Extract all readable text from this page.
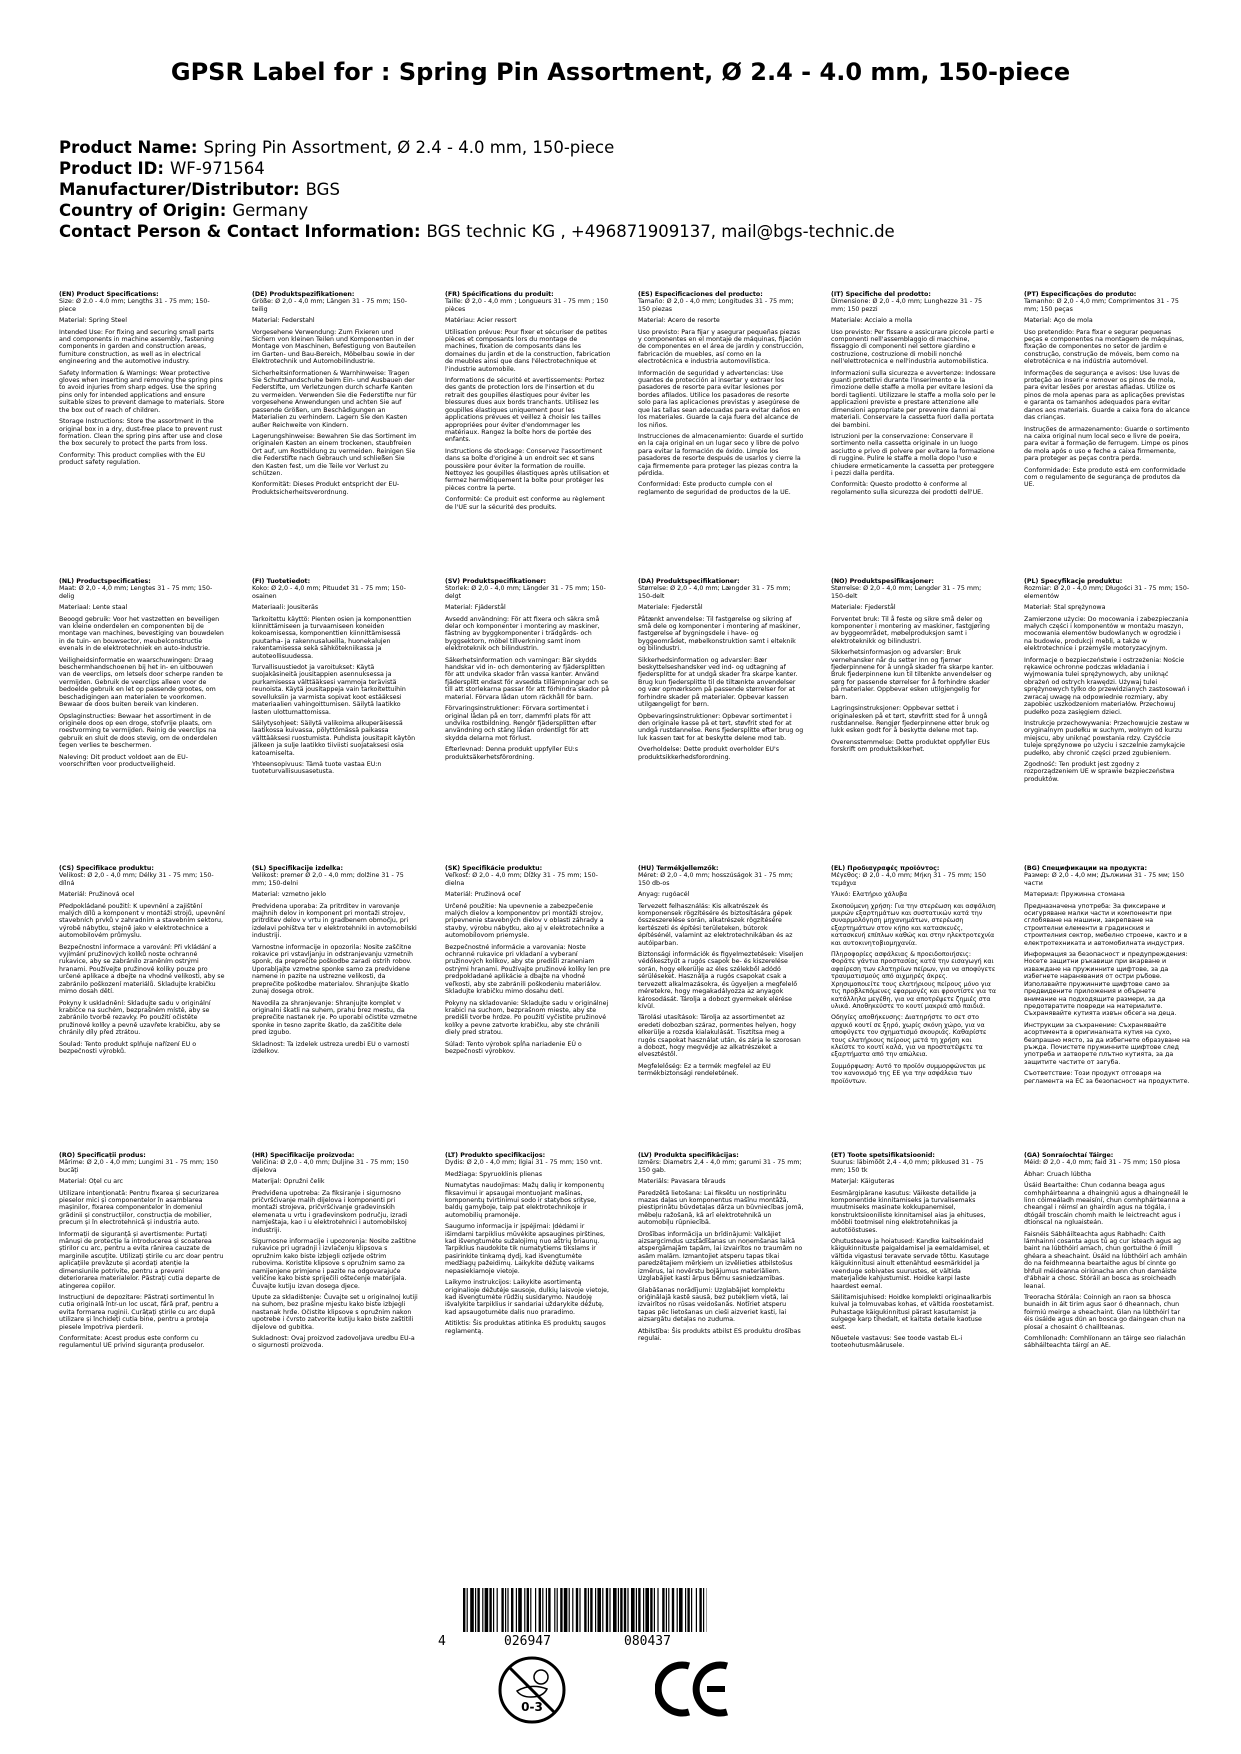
GPSR Label for : Spring Pin Assortment, Ø 2.4 - 4.0 mm, 150-piece
Product Name: Spring Pin Assortment, Ø 2.4 - 4.0 mm, 150-piece
Product ID: WF-971564
Manufacturer/Distributor: BGS
Country of Origin: Germany
Contact Person & Contact Information: BGS technic KG , +496871909137, mail@bgs-technic.de

(EN) Product Specifications:
Size: Ø 2.0 - 4.0 mm; Lengths 31 - 75 mm; 150-piece

Material: Spring Steel

Intended Use: For fixing and securing small parts and components in machine assembly, fastening components in garden and construction areas, furniture construction, as well as in electrical engineering and the automotive industry.

Safety Information & Warnings: Wear protective gloves when inserting and removing the spring pins to avoid injuries from sharp edges. Use the spring pins only for intended applications and ensure suitable sizes to prevent damage to materials. Store the box out of reach of children.

Storage Instructions: Store the assortment in the original box in a dry, dust-free place to prevent rust formation. Clean the spring pins after use and close the box securely to protect the parts from loss.

Conformity: This product complies with the EU product safety regulation.

(DE) Produktspezifikationen:
Größe: Ø 2,0 - 4,0 mm; Längen 31 - 75 mm; 150-teilig

Material: Federstahl

Vorgesehene Verwendung: Zum Fixieren und Sichern von kleinen Teilen und Komponenten in der Montage von Maschinen, Befestigung von Bauteilen im Garten- und Bau-Bereich, Möbelbau sowie in der Elektrotechnik und Automobilindustrie.

Sicherheitsinformationen & Warnhinweise: Tragen Sie Schutzhandschuhe beim Ein- und Ausbauen der Federstifte, um Verletzungen durch scharfe Kanten zu vermeiden. Verwenden Sie die Federstifte nur für vorgesehene Anwendungen und achten Sie auf passende Größen, um Beschädigungen an Materialien zu verhindern. Lagern Sie den Kasten außer Reichweite von Kindern.

Lagerungshinweise: Bewahren Sie das Sortiment im originalen Kasten an einem trockenen, staubfreien Ort auf, um Rostbildung zu vermeiden. Reinigen Sie die Federstifte nach Gebrauch und schließen Sie den Kasten fest, um die Teile vor Verlust zu schützen.

Konformität: Dieses Produkt entspricht der EU-Produktsicherheitsverordnung.

(FR) Spécifications du produit:
Taille: Ø 2,0 - 4,0 mm ; Longueurs 31 - 75 mm ; 150 pièces

Matériau: Acier ressort

Utilisation prévue: Pour fixer et sécuriser de petites pièces et composants lors du montage de machines, fixation de composants dans les domaines du jardin et de la construction, fabrication de meubles ainsi que dans l'électrotechnique et l'industrie automobile.

Informations de sécurité et avertissements: Portez des gants de protection lors de l'insertion et du retrait des goupilles élastiques pour éviter les blessures dues aux bords tranchants. Utilisez les goupilles élastiques uniquement pour les applications prévues et veillez à choisir les tailles appropriées pour éviter d'endommager les matériaux. Rangez la boîte hors de portée des enfants.

Instructions de stockage: Conservez l'assortiment dans sa boîte d'origine à un endroit sec et sans poussière pour éviter la formation de rouille. Nettoyez les goupilles élastiques après utilisation et fermez hermétiquement la boîte pour protéger les pièces contre la perte.

Conformité: Ce produit est conforme au règlement de l'UE sur la sécurité des produits.

(ES) Especificaciones del producto:
Tamaño: Ø 2,0 - 4,0 mm; Longitudes 31 - 75 mm; 150 piezas

Material: Acero de resorte

Uso previsto: Para fijar y asegurar pequeñas piezas y componentes en el montaje de máquinas, fijación de componentes en el área de jardín y construcción, fabricación de muebles, así como en la electrotécnica e industria automovilística.

Información de seguridad y advertencias: Use guantes de protección al insertar y extraer los pasadores de resorte para evitar lesiones por bordes afilados. Utilice los pasadores de resorte solo para las aplicaciones previstas y asegúrese de que las tallas sean adecuadas para evitar daños en los materiales. Guarde la caja fuera del alcance de los niños.

Instrucciones de almacenamiento: Guarde el surtido en la caja original en un lugar seco y libre de polvo para evitar la formación de óxido. Limpie los pasadores de resorte después de usarlos y cierre la caja firmemente para proteger las piezas contra la pérdida.

Conformidad: Este producto cumple con el reglamento de seguridad de productos de la UE.

(IT) Specifiche del prodotto:
Dimensione: Ø 2,0 - 4,0 mm; Lunghezze 31 - 75 mm; 150 pezzi

Materiale: Acciaio a molla

Uso previsto: Per fissare e assicurare piccole parti e componenti nell'assemblaggio di macchine, fissaggio di componenti nel settore giardino e costruzione, costruzione di mobili nonché nell'elettrotecnica e nell'industria automobilistica.

Informazioni sulla sicurezza e avvertenze: Indossare guanti protettivi durante l'inserimento e la rimozione delle staffe a molla per evitare lesioni da bordi taglienti. Utilizzare le staffe a molla solo per le applicazioni previste e prestare attenzione alle dimensioni appropriate per prevenire danni ai materiali. Conservare la cassetta fuori dalla portata dei bambini.

Istruzioni per la conservazione: Conservare il sortimento nella cassetta originale in un luogo asciutto e privo di polvere per evitare la formazione di ruggine. Pulire le staffe a molla dopo l'uso e chiudere ermeticamente la cassetta per proteggere i pezzi dalla perdita.

Conformità: Questo prodotto è conforme al regolamento sulla sicurezza dei prodotti dell'UE.

(PT) Especificações do produto:
Tamanho: Ø 2,0 - 4,0 mm; Comprimentos 31 - 75 mm; 150 peças

Material: Aço de mola

Uso pretendido: Para fixar e segurar pequenas peças e componentes na montagem de máquinas, fixação de componentes no setor de jardim e construção, construção de móveis, bem como na eletrotécnica e na indústria automóvel.

Informações de segurança e avisos: Use luvas de proteção ao inserir e remover os pinos de mola, para evitar lesões por arestas afiadas. Utilize os pinos de mola apenas para as aplicações previstas e garanta os tamanhos adequados para evitar danos aos materiais. Guarde a caixa fora do alcance das crianças.

Instruções de armazenamento: Guarde o sortimento na caixa original num local seco e livre de poeira, para evitar a formação de ferrugem. Limpe os pinos de mola após o uso e feche a caixa firmemente, para proteger as peças contra perda.

Conformidade: Este produto está em conformidade com o regulamento de segurança de produtos da UE.

(NL) Productspecificaties:
Maat: Ø 2,0 - 4,0 mm; Lengtes 31 - 75 mm; 150-delig

Materiaal: Lente staal

Beoogd gebruik: Voor het vastzetten en beveiligen van kleine onderdelen en componenten bij de montage van machines, bevestiging van bouwdelen in de tuin- en bouwsector, meubelconstructie evenals in de elektrotechniek en auto-industrie.

Veiligheidsinformatie en waarschuwingen: Draag beschermhandschoenen bij het in- en uitbouwen van de veerclips, om letsels door scherpe randen te vermijden. Gebruik de veerclips alleen voor de bedoelde gebruik en let op passende grootes, om beschadigingen aan materialen te voorkomen. Bewaar de doos buiten bereik van kinderen.

Opslaginstructies: Bewaar het assortiment in de originele doos op een droge, stofvrije plaats, om roestvorming te vermijden. Reinig de veerclips na gebruik en sluit de doos stevig, om de onderdelen tegen verlies te beschermen.

Naleving: Dit product voldoet aan de EU-voorschriften voor productveiligheid.

(FI) Tuotetiedot:
Koko: Ø 2,0 - 4,0 mm; Pituudet 31 - 75 mm; 150-osainen

Materiaali: Jousiteräs

Tarkoitettu käyttö: Pienten osien ja komponenttien kiinnittämiseen ja turvaamiseen koneiden kokoamisessa, komponenttien kiinnittämisessä puutarha- ja rakennusalueilla, huonekalujen rakentamisessa sekä sähkötekniikassa ja autoteollisuudessa.

Turvallisuustiedot ja varoitukset: Käytä suojakäsineitä jousitappien asennuksessa ja purkamisessa välttääksesi vammoja terävistä reunoista. Käytä jousitappeja vain tarkoitettuihin sovelluksiin ja varmista sopivat koot estääksesi materiaalien vahingoittumisen. Säilytä laatikko lasten ulottumattomissa.

Säilytysohjeet: Säilytä valikoima alkuperäisessä laatikossa kuivassa, pölyttömässä paikassa välttääksesi ruostumista. Puhdista jousitapit käytön jälkeen ja sulje laatikko tiiviisti suojataksesi osia katoamiselta.

Yhteensopivuus: Tämä tuote vastaa EU:n tuoteturvallisuusasetusta.

(SV) Produktspecifikationer:
Storlek: Ø 2,0 - 4,0 mm; Längder 31 - 75 mm; 150-delgt

Material: Fjäderstål

Avsedd användning: För att fixera och säkra små delar och komponenter i montering av maskiner, fästning av byggkomponenter i trädgårds- och byggsektorn, möbel tillverkning samt inom elektroteknik och bilindustrin.

Säkerhetsinformation och varningar: Bär skydds handskar vid in- och demontering av fjädersplitten för att undvika skador från vassa kanter. Använd fjädersplitt endast för avsedda tillämpningar och se till att storlekarna passar för att förhindra skador på material. Förvara lådan utom räckhåll för barn.

Förvaringsinstruktioner: Förvara sortimentet i original lådan på en torr, dammfri plats för att undvika rostbildning. Rengör fjädersplitten efter användning och stäng lådan ordentligt för att skydda delarna mot förlust.

Efterlevnad: Denna produkt uppfyller EU:s produktsäkerhetsförordning.

(DA) Produktspecifikationer:
Størrelse: Ø 2,0 - 4,0 mm; Længder 31 - 75 mm; 150-delt

Materiale: Fjederstål

Påtænkt anvendelse: Til fastgørelse og sikring af små dele og komponenter i montering af maskiner, fastgørelse af bygningsdele i have- og byggeområdet, møbelkonstruktion samt i elteknik og bilindustri.

Sikkerhedsinformation og advarsler: Bær beskyttelseshandsker ved ind- og udtagning af fjedersplitte for at undgå skader fra skarpe kanter. Brug kun fjedersplitte til de tiltænkte anvendelser og vær opmærksom på passende størrelser for at forhindre skader på materialer. Opbevar kassen utilgængeligt for børn.

Opbevaringsinstruktioner: Opbevar sortimentet i den originale kasse på et tørt, støvfrit sted for at undgå rustdannelse. Rens fjedersplitte efter brug og luk kassen tæt for at beskytte delene mod tab.

Overholdelse: Dette produkt overholder EU's produktsikkerhedsforordning.

(NO) Produktspesifikasjoner:
Størrelse: Ø 2,0 - 4,0 mm; Lengder 31 - 75 mm; 150-delt

Materiale: Fjederstål

Forventet bruk: Til å feste og sikre små deler og komponenter i montering av maskiner, fastgjøring av byggeområdet, møbelproduksjon samt i elektroteknikk og bilindustri.

Sikkerhetsinformasjon og advarsler: Bruk vernehansker når du setter inn og fjerner fjederpinnene for å unngå skader fra skarpe kanter. Bruk fjederpinnene kun til tiltenkte anvendelser og sørg for passende størrelser for å forhindre skader på materialer. Oppbevar esken utilgjengelig for barn.

Lagringsinstruksjoner: Oppbevar settet i originalesken på et tørt, støvfritt sted for å unngå rustdannelse. Rengjør fjederpinnene etter bruk og lukk esken godt for å beskytte delene mot tap.

Overensstemmelse: Dette produktet oppfyller EUs forskrift om produktsikkerhet.

(PL) Specyfikacje produktu:
Rozmiar: Ø 2,0 - 4,0 mm; Długości 31 - 75 mm; 150-elementów

Materiał: Stal sprężynowa

Zamierzone użycie: Do mocowania i zabezpieczania małych części i komponentów w montażu maszyn, mocowania elementów budowlanych w ogrodzie i na budowie, produkcji mebli, a także w elektrotechnice i przemyśle motoryzacyjnym.

Informacje o bezpieczeństwie i ostrzeżenia: Noście rękawice ochronne podczas wkładania i wyjmowania tulei sprężynowych, aby uniknąć obrażeń od ostrych krawędzi. Używaj tulei sprężynowych tylko do przewidzianych zastosowań i zwracaj uwagę na odpowiednie rozmiary, aby zapobiec uszkodzeniom materiałów. Przechowuj pudełko poza zasięgiem dzieci.

Instrukcje przechowywania: Przechowujcie zestaw w oryginalnym pudełku w suchym, wolnym od kurzu miejscu, aby uniknąć powstania rdzy. Czyśćcie tuleje sprężynowe po użyciu i szczelnie zamykajcie pudełko, aby chronić części przed zgubieniem.

Zgodność: Ten produkt jest zgodny z rozporządzeniem UE w sprawie bezpieczeństwa produktów.

(CS) Specifikace produktu:
Velikost: Ø 2,0 - 4,0 mm; Délky 31 - 75 mm; 150-dílná

Materiál: Pružinová ocel

Předpokládané použití: K upevnění a zajištění malých dílů a komponent v montáži strojů, upevnění stavebních prvků v zahradním a stavebním sektoru, výrobě nábytku, stejně jako v elektrotechnice a automobilovém průmyslu.

Bezpečnostní informace a varování: Při vkládání a vyjímání pružinových kolíků noste ochranné rukavice, aby se zabránilo zraněním ostrými hranami. Používejte pružinové kolíky pouze pro určené aplikace a dbejte na vhodné velikosti, aby se zabránilo poškození materiálů. Skladujte krabičku mimo dosah dětí.

Pokyny k uskladnění: Skladujte sadu v originální krabičce na suchém, bezprašném místě, aby se zabránilo tvorbě rezavky. Po použití očistěte pružinové kolíky a pevně uzavřete krabičku, aby se chránily díly před ztrátou.

Soulad: Tento produkt splňuje nařízení EU o bezpečnosti výrobků.

(SL) Specifikacije izdelka:
Velikost: premer Ø 2,0 - 4,0 mm; dolžine 31 - 75 mm; 150-delni

Material: vzmetno jeklo

Predvidena uporaba: Za pritrditev in varovanje majhnih delov in komponent pri montaži strojev, pritrditev delov v vrtu in gradbenem območju, pri izdelavi pohištva ter v elektrotehniki in avtomobilski industriji.

Varnostne informacije in opozorila: Nosite zaščitne rokavice pri vstavljanju in odstranjevanju vzmetnih sponk, da preprečite poškodbe zaradi ostrih robov. Uporabljajte vzmetne sponke samo za predvidene namene in pazite na ustrezne velikosti, da preprečite poškodbe materialov. Shranjujte škatlo zunaj dosega otrok.

Navodila za shranjevanje: Shranjujte komplet v originalni škatli na suhem, prahu brez mestu, da preprečite nastanek rje. Po uporabi očistite vzmetne sponke in tesno zaprite škatlo, da zaščitite dele pred izgubo.

Skladnost: Ta izdelek ustreza uredbi EU o varnosti izdelkov.

(SK) Špecifikácie produktu:
Veľkosť: Ø 2,0 - 4,0 mm; Dĺžky 31 - 75 mm; 150-dielna

Materiál: Pružinová oceľ

Určené použitie: Na upevnenie a zabezpečenie malých dielov a komponentov pri montáži strojov, pripevnenie stavebných dielov v oblasti záhrady a stavby, výrobu nábytku, ako aj v elektrotechnike a automobilovom priemysle.

Bezpečnostné informácie a varovania: Noste ochranné rukavice pri vkladaní a vyberaní pružinových kolíkov, aby ste predišli zraneniam ostrými hranami. Používajte pružinové kolíky len pre predpokladané aplikácie a dbajte na vhodné veľkosti, aby ste zabránili poškodeniu materiálov. Skladujte krabičku mimo dosahu detí.

Pokyny na skladovanie: Skladujte sadu v originálnej krabici na suchom, bezprašnom mieste, aby ste predišli tvorbe hrdze. Po použití vyčistite pružinové kolíky a pevne zatvorte krabičku, aby ste chránili diely pred stratou.

Súlad: Tento výrobok spĺňa nariadenie EÚ o bezpečnosti výrobkov.

(HU) Termékjellemzők:
Méret: Ø 2,0 - 4,0 mm; hosszúságok 31 - 75 mm; 150 db-os

Anyag: rugóacél

Tervezett felhasználás: Kis alkatrészek és komponensek rögzítésére és biztosítására gépek összeszerelése során, alkatrészek rögzítésére kertészeti és építési területeken, bútorok építésénél, valamint az elektrotechnikában és az autóiparban.

Biztonsági információk és figyelmeztetések: Viseljen védőkesztyűt a rugós csapok be- és kiszerelése során, hogy elkerülje az éles szélekből adódó sérüléseket. Használja a rugós csapokat csak a tervezett alkalmazásokra, és ügyeljen a megfelelő méretekre, hogy megakadályozza az anyagok károsodását. Tárolja a dobozt gyermekek elérése kívül.

Tárolási utasítások: Tárolja az assortimentet az eredeti dobozban száraz, pormentes helyen, hogy elkerülje a rozsda kialakulását. Tisztítsa meg a rugós csapokat használat után, és zárja le szorosan a dobozt, hogy megvédje az alkatrészeket a elvesztéstől.

Megfelelőség: Ez a termék megfelel az EU termékbiztonsági rendeletének.

(EL) Προδιαγραφές προϊόντος:
Μέγεθος: Ø 2,0 - 4,0 mm; Μήκη 31 - 75 mm; 150 τεμάχια

Υλικό: Ελατήριο χάλυβα

Σκοπούμενη χρήση: Για την στερέωση και ασφάλιση μικρών εξαρτημάτων και συστατικών κατά την συναρμολόγηση μηχανημάτων, στερέωση εξαρτημάτων στον κήπο και κατασκευές, κατασκευή επίπλων καθώς και στην ηλεκτροτεχνία και αυτοκινητοβιομηχανία.

Πληροφορίες ασφάλειας & προειδοποιήσεις: Φοράτε γάντια προστασίας κατά την εισαγωγή και αφαίρεση των ελατηρίων πείρων, για να αποφύγετε τραυματισμούς από αιχμηρές άκρες. Χρησιμοποιείτε τους ελατήριους πείρους μόνο για τις προβλεπόμενες εφαρμογές και φροντίστε για τα κατάλληλα μεγέθη, για να αποτρέψετε ζημιές στα υλικά. Αποθηκεύστε το κουτί μακριά από παιδιά.

Οδηγίες αποθήκευσης: Διατηρήστε το σετ στο αρχικό κουτί σε ξηρό, χωρίς σκόνη χώρο, για να αποφύγετε τον σχηματισμό σκουριάς. Καθαρίστε τους ελατήριους πείρους μετά τη χρήση και κλείστε το κουτί καλά, για να προστατέψετε τα εξαρτήματα από την απώλεια.

Συμμόρφωση: Αυτό το προϊόν συμμορφώνεται με τον κανονισμό της ΕΕ για την ασφάλεια των προϊόντων.

(BG) Спецификации на продукта:
Размер: Ø 2,0 - 4,0 мм; Дължини 31 - 75 мм; 150 части

Материал: Пружинна стомана

Предназначена употреба: За фиксиране и осигуряване малки части и компоненти при сглобяване на машини, закрепване на строителни елементи в градинския и строителния сектор, мебелно строене, както и в електротехниката и автомобилната индустрия.

Информация за безопасност и предупреждения: Носете защитни ръкавици при вкарване и изваждане на пружинните щифтове, за да избегнете наранявания от остри ръбове. Използвайте пружинните щифтове само за предвидените приложения и обърнете внимание на подходящите размери, за да предотвратите повреди на материалите. Съхранявайте кутията извън обсега на деца.

Инструкции за съхранение: Съхранявайте асортимента в оригиналната кутия на сухо, безпрашно място, за да избегнете образуване на ръжда. Почистете пружинните щифтове след употреба и затворете плътно кутията, за да защитите частите от загуба.

Съответствие: Този продукт отговаря на регламента на ЕС за безопасност на продуктите.

(RO) Specificații produs:
Mărime: Ø 2,0 - 4,0 mm; Lungimi 31 - 75 mm; 150 bucăți

Material: Oțel cu arc

Utilizare intenționată: Pentru fixarea și securizarea pieselor mici și componentelor în asamblarea mașinilor, fixarea componentelor în domeniul grădinii și construcțiilor, construcția de mobilier, precum și în electrotehnică și industria auto.

Informații de siguranță și avertismente: Purtați mănuși de protecție la introducerea și scoaterea știrilor cu arc, pentru a evita rănirea cauzate de marginile ascuțite. Utilizați știrile cu arc doar pentru aplicațiile prevăzute și acordați atenție la dimensiunile potrivite, pentru a preveni deteriorarea materialelor. Păstrați cutia departe de atingerea copiilor.

Instrucțiuni de depozitare: Păstrați sortimentul în cutia originală într-un loc uscat, fără praf, pentru a evita formarea ruginii. Curățați știrile cu arc după utilizare și închideți cutia bine, pentru a proteja piesele împotriva pierderii.

Conformitate: Acest produs este conform cu regulamentul UE privind siguranța produselor.

(HR) Specifikacije proizvoda:
Veličina: Ø 2,0 - 4,0 mm; Duljine 31 - 75 mm; 150 dijelova

Materijal: Opružni čelik

Predviđena upotreba: Za fiksiranje i sigurnosno pričvršćivanje malih dijelova i komponenti pri montaži strojeva, pričvršćivanje građevinskih elemenata u vrtu i građevinskom području, izradi namještaja, kao i u elektrotehnici i automobilskoj industriji.

Sigurnosne informacije i upozorenja: Nosite zaštitne rukavice pri ugradnji i izvlačenju klipsova s opružnim kako biste izbjegli ozljede oštrim rubovima. Koristite klipsove s opružnim samo za namijenjene primjene i pazite na odgovarajuće veličine kako biste spriječili oštećenje materijala. Čuvajte kutiju izvan dosega djece.

Upute za skladištenje: Čuvajte set u originalnoj kutiji na suhom, bez prašine mjestu kako biste izbjegli nastanak hrđe. Očistite klipsove s opružnim nakon upotrebe i čvrsto zatvorite kutiju kako biste zaštitili dijelove od gubitka.

Sukladnost: Ovaj proizvod zadovoljava uredbu EU-a o sigurnosti proizvoda.

(LT) Produkto specifikacijos:
Dydis: Ø 2,0 - 4,0 mm; Ilgiai 31 - 75 mm; 150 vnt.

Medžiaga: Spyruoklinis plienas

Numatytas naudojimas: Mažų dalių ir komponentų fiksavimui ir apsaugai montuojant mašinas, komponentų tvirtinimui sodo ir statybos srityse, baldų gamyboje, taip pat elektrotechnikoje ir automobilių pramonėje.

Saugumo informacija ir įspėjimai: Įdėdami ir išimdami tarpiklius mūvėkite apsaugines pirštines, kad išvengtumėte sužalojimų nuo aštrių briaunų. Tarpiklius naudokite tik numatytiems tikslams ir pasirinkite tinkamą dydį, kad išvengtumėte medžiagų pažeidimų. Laikykite dėžutę vaikams nepasiekiamoje vietoje.

Laikymo instrukcijos: Laikykite asortimentą originalioje dėžutėje sausoje, dulkių laisvoje vietoje, kad išvengtumėte rūdžių susidarymo. Naudoję išvalykite tarpiklius ir sandariai uždarykite dėžutę, kad apsaugotumėte dalis nuo praradimo.

Atitiktis: Šis produktas atitinka ES produktų saugos reglamentą.

(LV) Produkta specifikācijas:
Izmērs: Diametrs 2,4 - 4,0 mm; garumi 31 - 75 mm; 150 gab.

Materiāls: Pavasara tērauds

Paredzētā lietošana: Lai fiksētu un nostiprinātu mazas daļas un komponentus mašīnu montāžā, piestiprinātu būvdetaļas dārza un būvniecības jomā, mēbeļu ražošanā, kā arī elektrotehnikā un automobiļu rūpniecībā.

Drošības informācija un brīdinājumi: Valkājiet aizsargcimdus uzstādīšanas un noņemšanas laikā atspergāmajām tapām, lai izvairītos no traumām no asām malām. Izmantojiet atsperu tapas tikai paredzētajiem mērķiem un izvēlieties atbilstošus izmērus, lai novērstu bojājumus materiāliem. Uzglabājiet kasti ārpus bērnu sasniedzamības.

Glabāšanas norādījumi: Uzglabājiet komplektu oriģinālajā kastē sausā, bez putekļiem vietā, lai izvairītos no rūsas veidošanās. Notīriet atsperu tapas pēc lietošanas un cieši aizveriet kasti, lai aizsargātu detaļas no zuduma.

Atbilstība: Šis produkts atbilst ES produktu drošības regulai.

(ET) Toote spetsifikatsioonid:
Suurus: läbimõõt 2,4 - 4,0 mm; pikkused 31 - 75 mm; 150 tk

Materjal: Käiguteras

Eesmärgipärane kasutus: Väikeste detailide ja komponentide kinnitamiseks ja turvalisemaks muutmiseks masinate kokkupanemisel, konstruktsiooniliste kinnitamisel aias ja ehituses, mööbli tootmisel ning elektrotehnikas ja autotööstuses.

Ohutusteave ja hoiatused: Kandke kaitsekindaid käigukinnituste paigaldamisel ja eemaldamisel, et vältida vigastusi teravate servade tõttu. Kasutage käigukinnitusi ainult ettenähtud eesmärkidel ja veenduge sobivates suurustes, et vältida materjalide kahjustumist. Hoidke karpi laste haardest eemal.

Säilitamisjuhised: Hoidke komplekti originaalkarbis kuival ja tolmuvabas kohas, et vältida roostetamist. Puhastage käigukinnitusi pärast kasutamist ja sulgege karp tihedalt, et kaitsta detaile kaotuse eest.

Nõuetele vastavus: See toode vastab EL-i tooteohutusmäärusele.

(GA) Sonraíochtaí Táirge:
Méid: Ø 2,0 - 4,0 mm; faid 31 - 75 mm; 150 píosa

Ábhar: Cruach lúbtha

Úsáid Beartaithe: Chun codanna beaga agus comhpháirteanna a dhaingniú agus a dhaingneáil le linn cóimeáladh meaisíní, chun comhpháirteanna a cheangal i réimsí an ghairdín agus na tógála, i dtógáil troscáin chomh maith le leictreacht agus i dtionscal na ngluaisteán.

Faisnéis Sábháilteachta agus Rabhadh: Caith lámhainní cosanta agus tú ag cur isteach agus ag baint na lúbthóirí amach, chun gortuithe ó imill ghéara a sheachaint. Úsáid na lúbthóirí ach amháin do na feidhmeanna beartaithe agus bí cinnte go bhfuil méideanna oiriúnacha ann chun damáiste d'ábhair a chosc. Stóráil an bosca as sroicheadh leanaí.

Treoracha Stórála: Coinnigh an raon sa bhosca bunaidh in áit tirim agus saor ó dheannach, chun foirmiú meirge a sheachaint. Glan na lúbthóirí tar éis úsáide agus dún an bosca go daingean chun na píosaí a chosaint ó chaillteanas.

Comhlíonadh: Comhlíonann an táirge seo rialachán sábháilteachta táirgí an AE.

4	026947	080437
0-3
